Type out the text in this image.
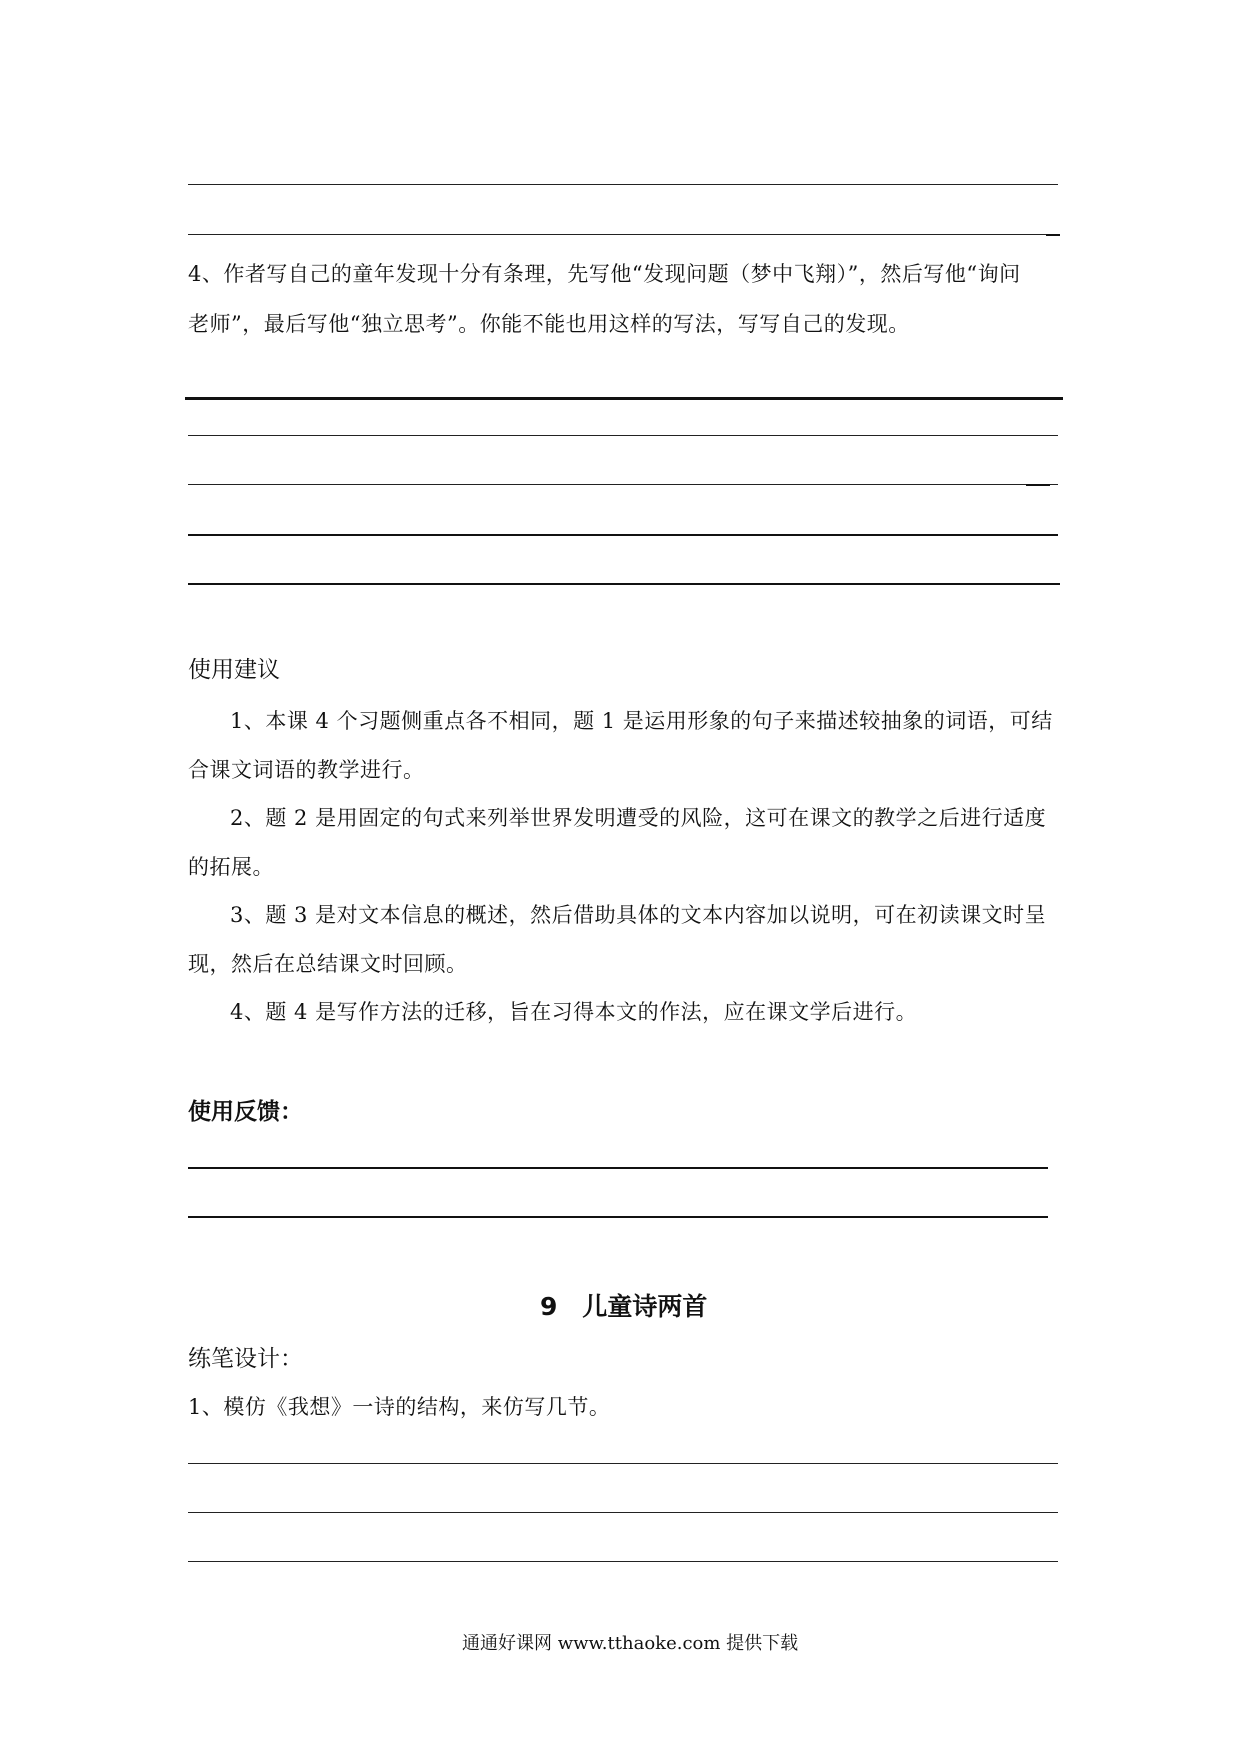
4、作者写自己的童年发现十分有条理，先写他“发现问题（梦中飞翔）”，然后写他“询问
老师”，最后写他“独立思考”。你能不能也用这样的写法，写写自己的发现。
使用建议
1、本课 4 个习题侧重点各不相同，题 1 是运用形象的句子来描述较抽象的词语，可结
合课文词语的教学进行。
2、题 2 是用固定的句式来列举世界发明遭受的风险，这可在课文的教学之后进行适度
的拓展。
3、题 3 是对文本信息的概述，然后借助具体的文本内容加以说明，可在初读课文时呈
现，然后在总结课文时回顾。
4、题 4 是写作方法的迁移，旨在习得本文的作法，应在课文学后进行。
使用反馈：
9　儿童诗两首
练笔设计：
1、模仿《我想》一诗的结构，来仿写几节。
通通好课网 www.tthaoke.com 提供下载
